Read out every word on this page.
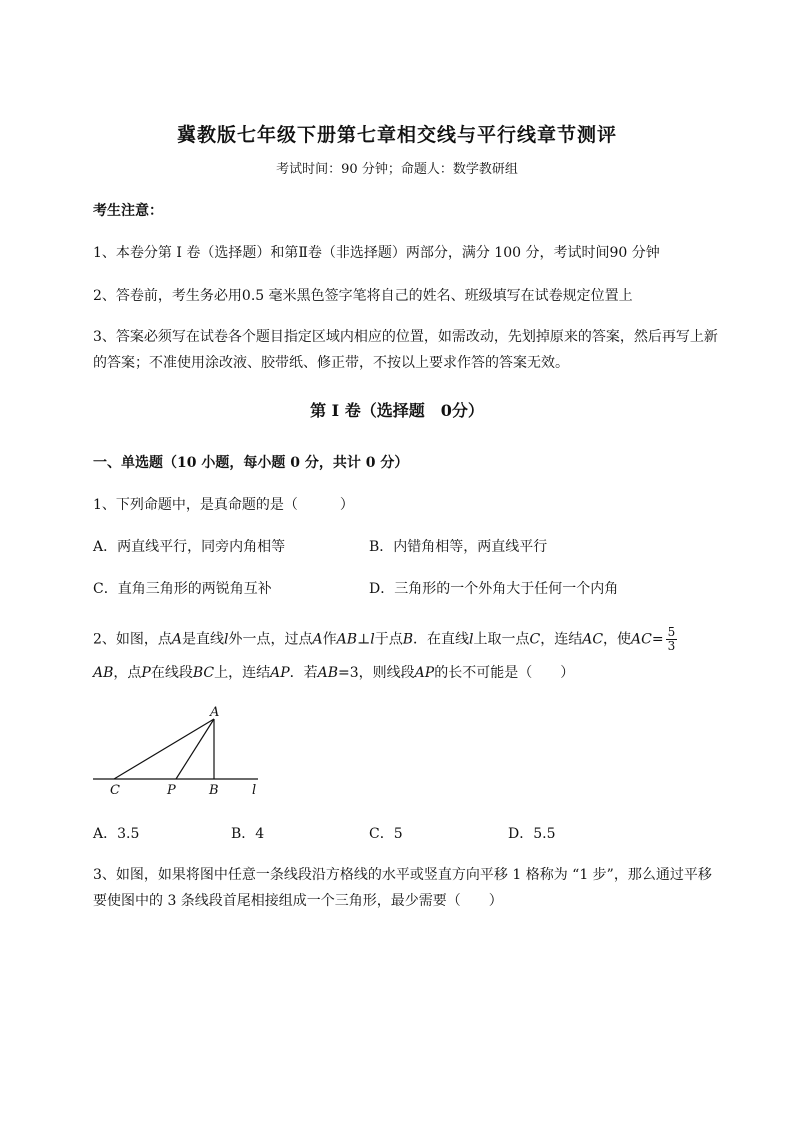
冀教版七年级下册第七章相交线与平行线章节测评
考试时间：90 分钟；命题人：数学教研组
考生注意：
1、本卷分第 I 卷（选择题）和第Ⅱ卷（非选择题）两部分，满分 100 分，考试时间90 分钟
2、答卷前，考生务必用0.5 毫米黑色签字笔将自己的姓名、班级填写在试卷规定位置上
3、答案必须写在试卷各个题目指定区域内相应的位置，如需改动，先划掉原来的答案，然后再写上新
的答案；不准使用涂改液、胶带纸、修正带，不按以上要求作答的答案无效。
第 I 卷（选择题　0分）
一、单选题（10 小题，每小题 0 分，共计 0 分）
1、下列命题中，是真命题的是（　　　）
A．两直线平行，同旁内角相等	B．内错角相等，两直线平行
C．直角三角形的两锐角互补	D．三角形的一个外角大于任何一个内角
2、如图，点A是直线l外一点，过点A作AB⊥l于点B．在直线l上取一点C，连结AC，使$AC= \frac{5}{3}$
AB，点P在线段BC上，连结AP．若AB=3，则线段AP的长不可能是（　　）
A
C	P	B	l
A．3.5	B．4	C．5	D．5.5
3、如图，如果将图中任意一条线段沿方格线的水平或竖直方向平移 1 格称为 “1 步”，那么通过平移
要使图中的 3 条线段首尾相接组成一个三角形，最少需要（　　）
